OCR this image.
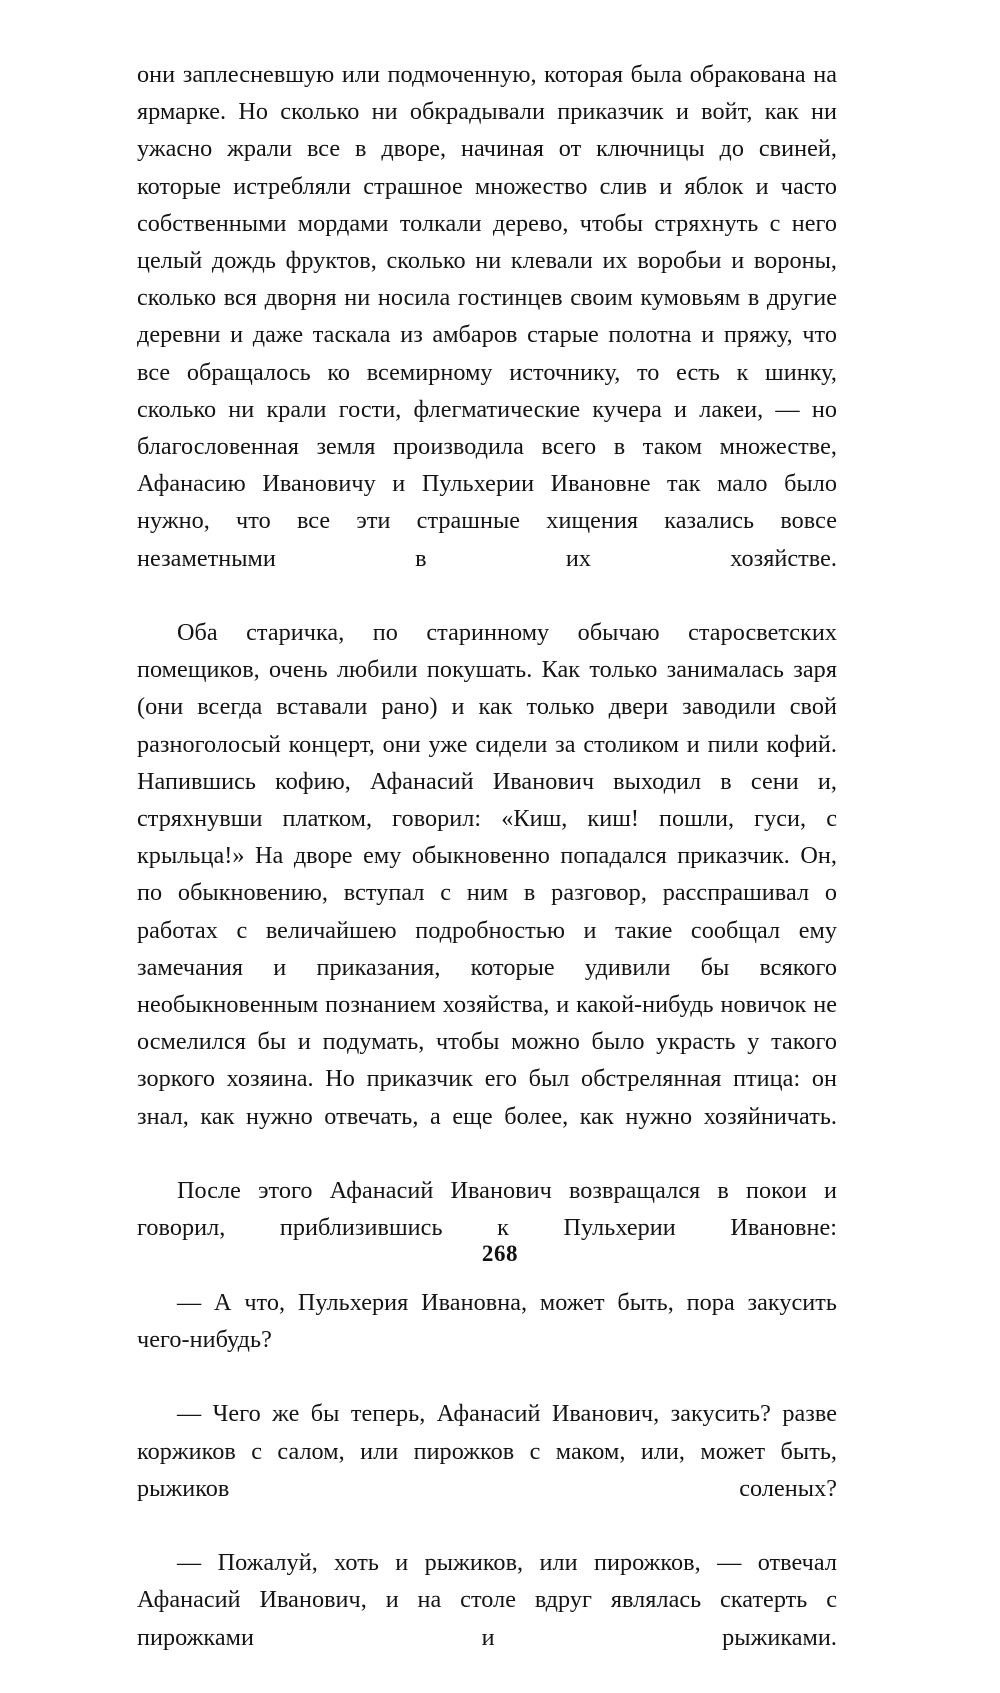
они заплесневшую или подмоченную, которая была обракована на ярмарке. Но сколько ни обкрадывали приказчик и войт, как ни ужасно жрали все в дворе, начиная от ключницы до свиней, которые истребляли страшное множество слив и яблок и часто собственными мордами толкали дерево, чтобы стряхнуть с него целый дождь фруктов, сколько ни клевали их воробьи и вороны, сколько вся дворня ни носила гостинцев своим кумовьям в другие деревни и даже таскала из амбаров старые полотна и пряжу, что все обращалось ко всемирному источнику, то есть к шинку, сколько ни крали гости, флегматические кучера и лакеи, — но благословенная земля производила всего в таком множестве, Афанасию Ивановичу и Пульхерии Ивановне так мало было нужно, что все эти страшные хищения казались вовсе незаметными в их хозяйстве.

Оба старичка, по старинному обычаю старосветских помещиков, очень любили покушать. Как только занималась заря (они всегда вставали рано) и как только двери заводили свой разноголосый концерт, они уже сидели за столиком и пили кофий. Напившись кофию, Афанасий Иванович выходил в сени и, стряхнувши платком, говорил: «Киш, киш! пошли, гуси, с крыльца!» На дворе ему обыкновенно попадался приказчик. Он, по обыкновению, вступал с ним в разговор, расспрашивал о работах с величайшею подробностью и такие сообщал ему замечания и приказания, которые удивили бы всякого необыкновенным познанием хозяйства, и какой-нибудь новичок не осмелился бы и подумать, чтобы можно было украсть у такого зоркого хозяина. Но приказчик его был обстрелянная птица: он знал, как нужно отвечать, а еще более, как нужно хозяйничать.

После этого Афанасий Иванович возвращался в покои и говорил, приблизившись к Пульхерии Ивановне:

— А что, Пульхерия Ивановна, может быть, пора закусить чего-нибудь?

— Чего же бы теперь, Афанасий Иванович, закусить? разве коржиков с салом, или пирожков с маком, или, может быть, рыжиков соленых?

— Пожалуй, хоть и рыжиков, или пирожков, — отвечал Афанасий Иванович, и на столе вдруг являлась скатерть с пирожками и рыжиками.

268
